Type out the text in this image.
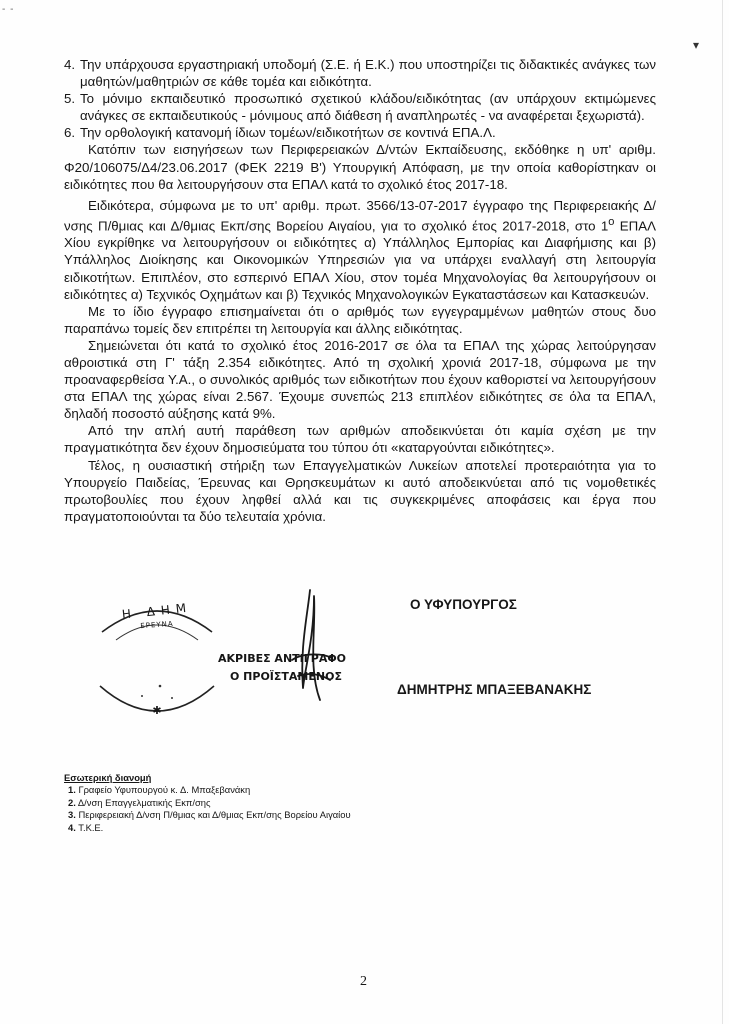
- -
▾

4. Την υπάρχουσα εργαστηριακή υποδομή (Σ.Ε. ή Ε.Κ.) που υποστηρίζει τις διδακτικές ανάγκες των μαθητών/μαθητριών σε κάθε τομέα και ειδικότητα.

5. Το μόνιμο εκπαιδευτικό προσωπικό σχετικού κλάδου/ειδικότητας (αν υπάρχουν εκτιμώμενες ανάγκες σε εκπαιδευτικούς - μόνιμους από διάθεση ή αναπληρωτές - να αναφέρεται ξεχωριστά).

6. Την ορθολογική κατανομή ίδιων τομέων/ειδικοτήτων σε κοντινά ΕΠΑ.Λ.

Κατόπιν των εισηγήσεων των Περιφερειακών Δ/ντών Εκπαίδευσης, εκδόθηκε η υπ' αριθμ. Φ20/106075/Δ4/23.06.2017 (ΦΕΚ 2219 Β') Υπουργική Απόφαση, με την οποία καθορίστηκαν οι ειδικότητες που θα λειτουργήσουν στα ΕΠΑΛ κατά το σχολικό έτος 2017-18.

Ειδικότερα, σύμφωνα με το υπ' αριθμ. πρωτ. 3566/13-07-2017 έγγραφο της Περιφερειακής Δ/νσης Π/θμιας και Δ/θμιας Εκπ/σης Βορείου Αιγαίου, για το σχολικό έτος 2017-2018, στο $1^o$ ΕΠΑΛ Χίου εγκρίθηκε να λειτουργήσουν οι ειδικότητες α) Υπάλληλος Εμπορίας και Διαφήμισης και β) Υπάλληλος Διοίκησης και Οικονομικών Υπηρεσιών για να υπάρχει εναλλαγή στη λειτουργία ειδικοτήτων. Επιπλέον, στο εσπερινό ΕΠΑΛ Χίου, στον τομέα Μηχανολογίας θα λειτουργήσουν οι ειδικότητες α) Τεχνικός Οχημάτων και β) Τεχνικός Μηχανολογικών Εγκαταστάσεων και Κατασκευών.

Με το ίδιο έγγραφο επισημαίνεται ότι ο αριθμός των εγγεγραμμένων μαθητών στους δυο παραπάνω τομείς δεν επιτρέπει τη λειτουργία και άλλης ειδικότητας.

Σημειώνεται ότι κατά το σχολικό έτος 2016-2017 σε όλα τα ΕΠΑΛ της χώρας λειτούργησαν αθροιστικά στη Γ' τάξη 2.354 ειδικότητες. Από τη σχολική χρονιά 2017-18, σύμφωνα με την προαναφερθείσα Υ.Α., ο συνολικός αριθμός των ειδικοτήτων που έχουν καθοριστεί να λειτουργήσουν στα ΕΠΑΛ της χώρας είναι 2.567. Έχουμε συνεπώς 213 επιπλέον ειδικότητες σε όλα τα ΕΠΑΛ, δηλαδή ποσοστό αύξησης κατά 9%.

Από την απλή αυτή παράθεση των αριθμών αποδεικνύεται ότι καμία σχέση με την πραγματικότητα δεν έχουν δημοσιεύματα του τύπου ότι «καταργούνται ειδικότητες».

Τέλος, η ουσιαστική στήριξη των Επαγγελματικών Λυκείων αποτελεί προτεραιότητα για το Υπουργείο Παιδείας, Έρευνας και Θρησκευμάτων κι αυτό αποδεικνύεται από τις νομοθετικές πρωτοβουλίες που έχουν ληφθεί αλλά και τις συγκεκριμένες αποφάσεις και έργα που πραγματοποιούνται τα δύο τελευταία χρόνια.

Η ΔΗΜ
ΕΡΕΥΝΑ
✱
ΑΚΡΙΒΕΣ ΑΝΤΙΓΡΑΦΟ
Ο ΠΡΟΪΣΤΑΜΕΝΟΣ
Ο ΥΦΥΠΟΥΡΓΟΣ
ΔΗΜΗΤΡΗΣ ΜΠΑΞΕΒΑΝΑΚΗΣ
Εσωτερική διανομή
1. Γραφείο Υφυπουργού κ. Δ. Μπαξεβανάκη
2. Δ/νση Επαγγελματικής Εκπ/σης
3. Περιφερειακή Δ/νση Π/θμιας και Δ/θμιας Εκπ/σης Βορείου Αιγαίου
4. Τ.Κ.Ε.
2
